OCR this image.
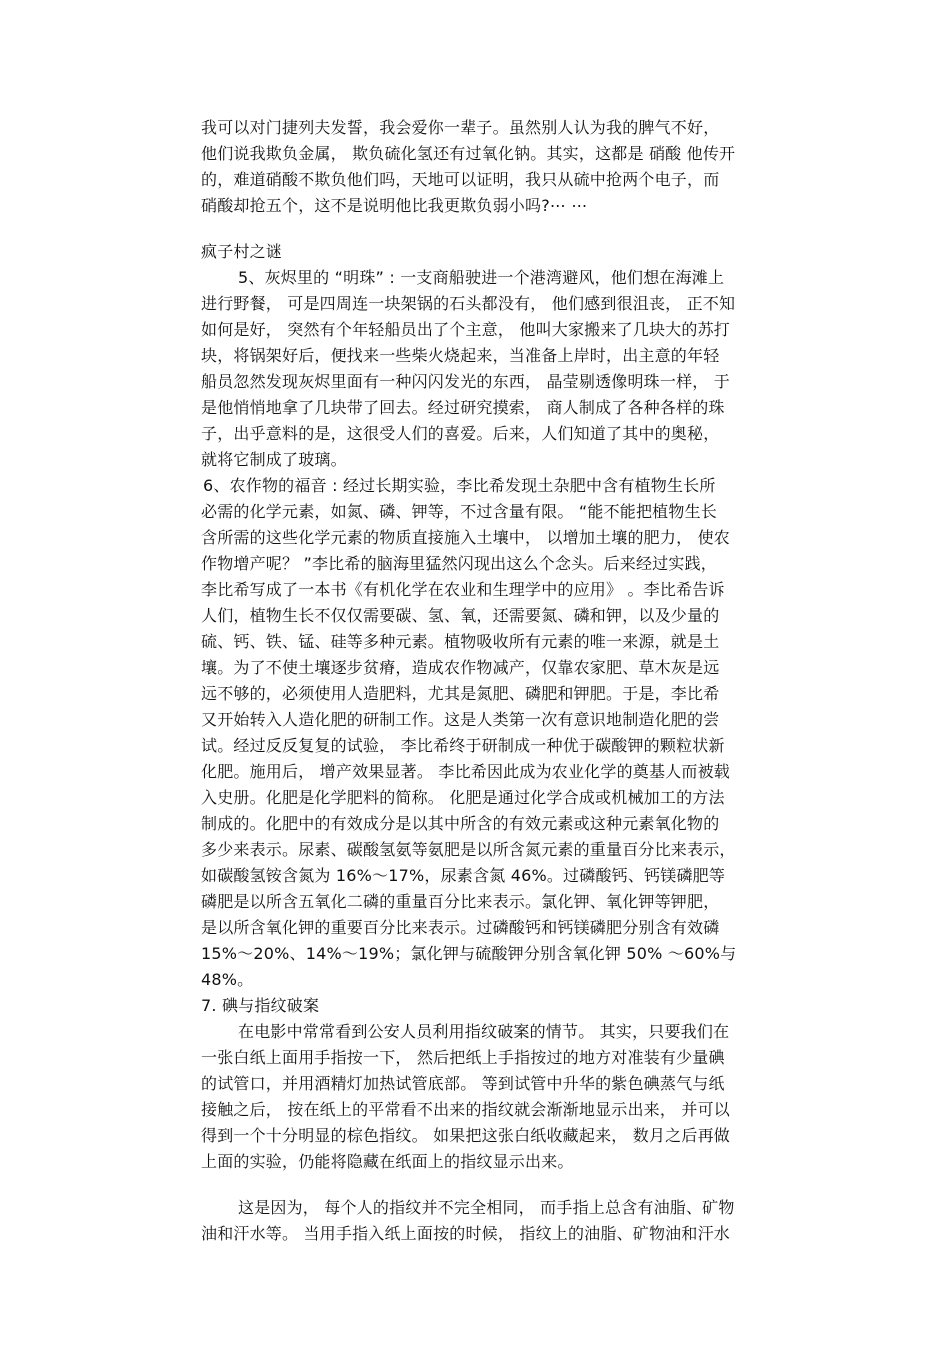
我可以对门捷列夫发誓，我会爱你一辈子。虽然别人认为我的脾气不好，
他们说我欺负金属， 欺负硫化氢还有过氧化钠。其实，这都是 硝酸 他传开
的，难道硝酸不欺负他们吗，天地可以证明，我只从硫中抢两个电子，而
硝酸却抢五个，这不是说明他比我更欺负弱小吗?⋯ ⋯
疯子村之谜
5、灰烬里的 “明珠” : 一支商船驶进一个港湾避风，他们想在海滩上
进行野餐， 可是四周连一块架锅的石头都没有， 他们感到很沮丧， 正不知
如何是好， 突然有个年轻船员出了个主意， 他叫大家搬来了几块大的苏打
块，将锅架好后，便找来一些柴火烧起来，当准备上岸时，出主意的年轻
船员忽然发现灰烬里面有一种闪闪发光的东西， 晶莹剔透像明珠一样， 于
是他悄悄地拿了几块带了回去。经过研究摸索， 商人制成了各种各样的珠
子，出乎意料的是，这很受人们的喜爱。后来，人们知道了其中的奥秘，
就将它制成了玻璃。
6、农作物的福音 : 经过长期实验，李比希发现土杂肥中含有植物生长所
必需的化学元素，如氮、磷、钾等，不过含量有限。 “能不能把植物生长
含所需的这些化学元素的物质直接施入土壤中， 以增加土壤的肥力， 使农
作物增产呢？ ”李比希的脑海里猛然闪现出这么个念头。后来经过实践，
李比希写成了一本书《有机化学在农业和生理学中的应用》 。李比希告诉
人们，植物生长不仅仅需要碳、氢、氧，还需要氮、磷和钾，以及少量的
硫、钙、铁、锰、硅等多种元素。植物吸收所有元素的唯一来源，就是土
壤。为了不使土壤逐步贫瘠，造成农作物减产，仅靠农家肥、草木灰是远
远不够的，必须使用人造肥料，尤其是氮肥、磷肥和钾肥。于是，李比希
又开始转入人造化肥的研制工作。这是人类第一次有意识地制造化肥的尝
试。经过反反复复的试验， 李比希终于研制成一种优于碳酸钾的颗粒状新
化肥。施用后， 增产效果显著。 李比希因此成为农业化学的奠基人而被载
入史册。化肥是化学肥料的简称。 化肥是通过化学合成或机械加工的方法
制成的。化肥中的有效成分是以其中所含的有效元素或这种元素氧化物的
多少来表示。尿素、碳酸氢氨等氨肥是以所含氮元素的重量百分比来表示，
如碳酸氢铵含氮为 16%～17%，尿素含氮 46%。过磷酸钙、钙镁磷肥等
磷肥是以所含五氧化二磷的重量百分比来表示。氯化钾、氧化钾等钾肥，
是以所含氧化钾的重要百分比来表示。过磷酸钙和钙镁磷肥分别含有效磷
15%～20%、14%～19%；氯化钾与硫酸钾分别含氧化钾 50% ～60%与
48%。
7. 碘与指纹破案
在电影中常常看到公安人员利用指纹破案的情节。 其实，只要我们在
一张白纸上面用手指按一下， 然后把纸上手指按过的地方对准装有少量碘
的试管口，并用酒精灯加热试管底部。 等到试管中升华的紫色碘蒸气与纸
接触之后， 按在纸上的平常看不出来的指纹就会渐渐地显示出来， 并可以
得到一个十分明显的棕色指纹。 如果把这张白纸收藏起来， 数月之后再做
上面的实验，仍能将隐藏在纸面上的指纹显示出来。
这是因为， 每个人的指纹并不完全相同， 而手指上总含有油脂、矿物
油和汗水等。 当用手指入纸上面按的时候， 指纹上的油脂、矿物油和汗水
